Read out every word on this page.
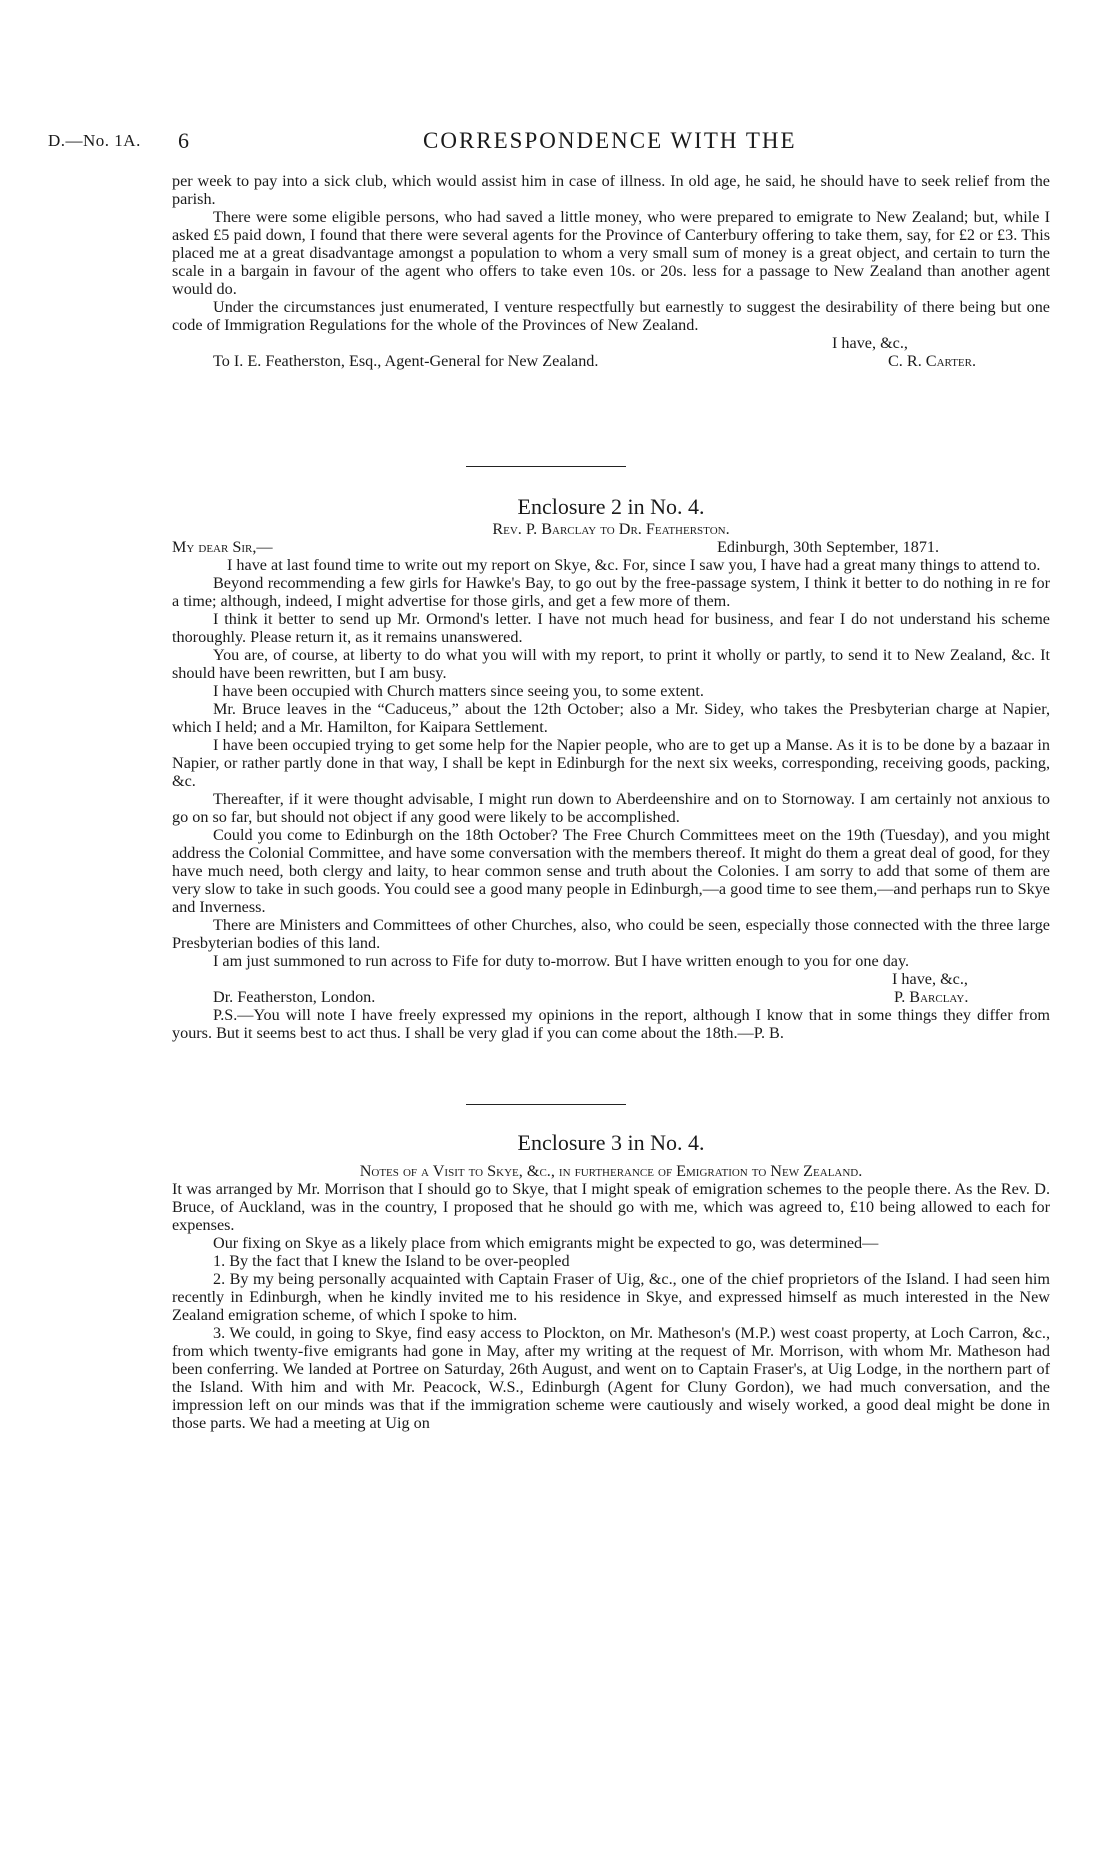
D.—No. 1A. 6	CORRESPONDENCE WITH THE

per week to pay into a sick club, which would assist him in case of illness. In old age, he said, he should have to seek relief from the parish.

There were some eligible persons, who had saved a little money, who were prepared to emigrate to New Zealand; but, while I asked £5 paid down, I found that there were several agents for the Province of Canterbury offering to take them, say, for £2 or £3. This placed me at a great disadvantage amongst a population to whom a very small sum of money is a great object, and certain to turn the scale in a bargain in favour of the agent who offers to take even 10s. or 20s. less for a passage to New Zealand than another agent would do.

Under the circumstances just enumerated, I venture respectfully but earnestly to suggest the desirability of there being but one code of Immigration Regulations for the whole of the Provinces of New Zealand.

I have, &c.,
To I. E. Featherston, Esq., Agent-General for New Zealand.	C. R. Carter.
Enclosure 2 in No. 4.
Rev. P. Barclay to Dr. Featherston.
My dear Sir,—	Edinburgh, 30th September, 1871.

I have at last found time to write out my report on Skye, &c. For, since I saw you, I have had a great many things to attend to.

Beyond recommending a few girls for Hawke's Bay, to go out by the free-passage system, I think it better to do nothing in re for a time; although, indeed, I might advertise for those girls, and get a few more of them.

I think it better to send up Mr. Ormond's letter. I have not much head for business, and fear I do not understand his scheme thoroughly. Please return it, as it remains unanswered.

You are, of course, at liberty to do what you will with my report, to print it wholly or partly, to send it to New Zealand, &c. It should have been rewritten, but I am busy.

I have been occupied with Church matters since seeing you, to some extent.

Mr. Bruce leaves in the “Caduceus,” about the 12th October; also a Mr. Sidey, who takes the Presbyterian charge at Napier, which I held; and a Mr. Hamilton, for Kaipara Settlement.

I have been occupied trying to get some help for the Napier people, who are to get up a Manse. As it is to be done by a bazaar in Napier, or rather partly done in that way, I shall be kept in Edinburgh for the next six weeks, corresponding, receiving goods, packing, &c.

Thereafter, if it were thought advisable, I might run down to Aberdeenshire and on to Stornoway. I am certainly not anxious to go on so far, but should not object if any good were likely to be accomplished.

Could you come to Edinburgh on the 18th October? The Free Church Committees meet on the 19th (Tuesday), and you might address the Colonial Committee, and have some conversation with the members thereof. It might do them a great deal of good, for they have much need, both clergy and laity, to hear common sense and truth about the Colonies. I am sorry to add that some of them are very slow to take in such goods. You could see a good many people in Edinburgh,—a good time to see them,—and perhaps run to Skye and Inverness.

There are Ministers and Committees of other Churches, also, who could be seen, especially those connected with the three large Presbyterian bodies of this land.

I am just summoned to run across to Fife for duty to-morrow. But I have written enough to you for one day.

I have, &c.,
Dr. Featherston, London.	P. Barclay.

P.S.—You will note I have freely expressed my opinions in the report, although I know that in some things they differ from yours. But it seems best to act thus. I shall be very glad if you can come about the 18th.—P. B.

Enclosure 3 in No. 4.
Notes of a Visit to Skye, &c., in furtherance of Emigration to New Zealand.

It was arranged by Mr. Morrison that I should go to Skye, that I might speak of emigration schemes to the people there. As the Rev. D. Bruce, of Auckland, was in the country, I proposed that he should go with me, which was agreed to, £10 being allowed to each for expenses.

Our fixing on Skye as a likely place from which emigrants might be expected to go, was determined—

1. By the fact that I knew the Island to be over-peopled

2. By my being personally acquainted with Captain Fraser of Uig, &c., one of the chief proprietors of the Island. I had seen him recently in Edinburgh, when he kindly invited me to his residence in Skye, and expressed himself as much interested in the New Zealand emigration scheme, of which I spoke to him.

3. We could, in going to Skye, find easy access to Plockton, on Mr. Matheson's (M.P.) west coast property, at Loch Carron, &c., from which twenty-five emigrants had gone in May, after my writing at the request of Mr. Morrison, with whom Mr. Matheson had been conferring. We landed at Portree on Saturday, 26th August, and went on to Captain Fraser's, at Uig Lodge, in the northern part of the Island. With him and with Mr. Peacock, W.S., Edinburgh (Agent for Cluny Gordon), we had much conversation, and the impression left on our minds was that if the immigration scheme were cautiously and wisely worked, a good deal might be done in those parts. We had a meeting at Uig on
